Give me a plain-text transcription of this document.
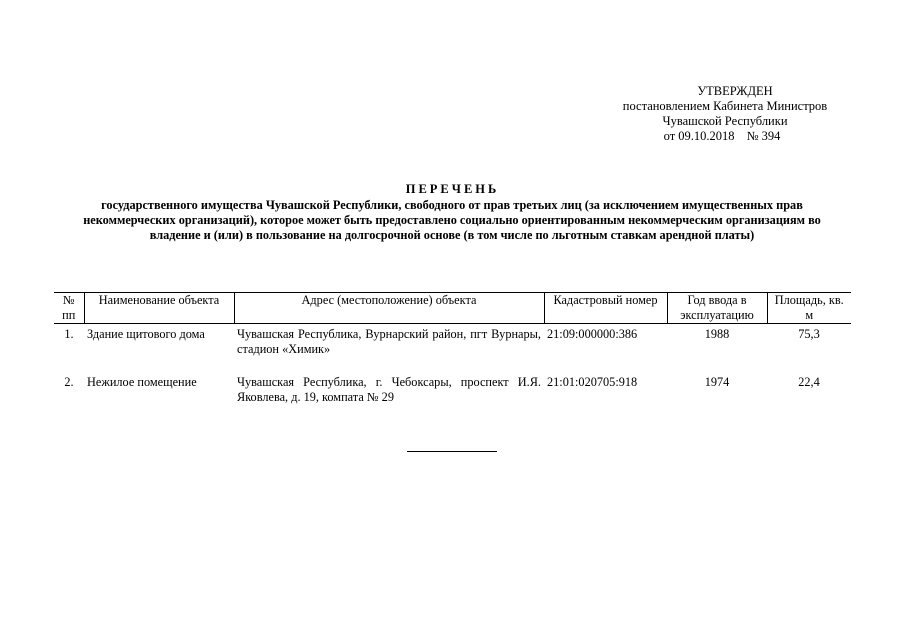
УТВЕРЖДЕН
постановлением Кабинета Министров
Чувашской Республики
от 09.10.2018 № 394
ПЕРЕЧЕНЬ
государственного имущества Чувашской Республики, свободного от прав третьих лиц (за исключением имущественных прав некоммерческих организаций), которое может быть предоставлено социально ориентированным некоммерческим организациям во владение и (или) в пользование на долгосрочной основе (в том числе по льготным ставкам арендной платы)
№ пп	Наименование объекта	Адрес (местоположение) объекта	Кадастровый номер	Год ввода в эксплуатацию	Площадь, кв. м
1.	Здание щитового дома	Чувашская Республика, Вурнарский район, пгт Вурнары, стадион «Химик»	21:09:000000:386	1988	75,3
2.	Нежилое помещение	Чувашская Республика, г. Чебоксары, проспект И.Я. Яковлева, д. 19, компата № 29	21:01:020705:918	1974	22,4
